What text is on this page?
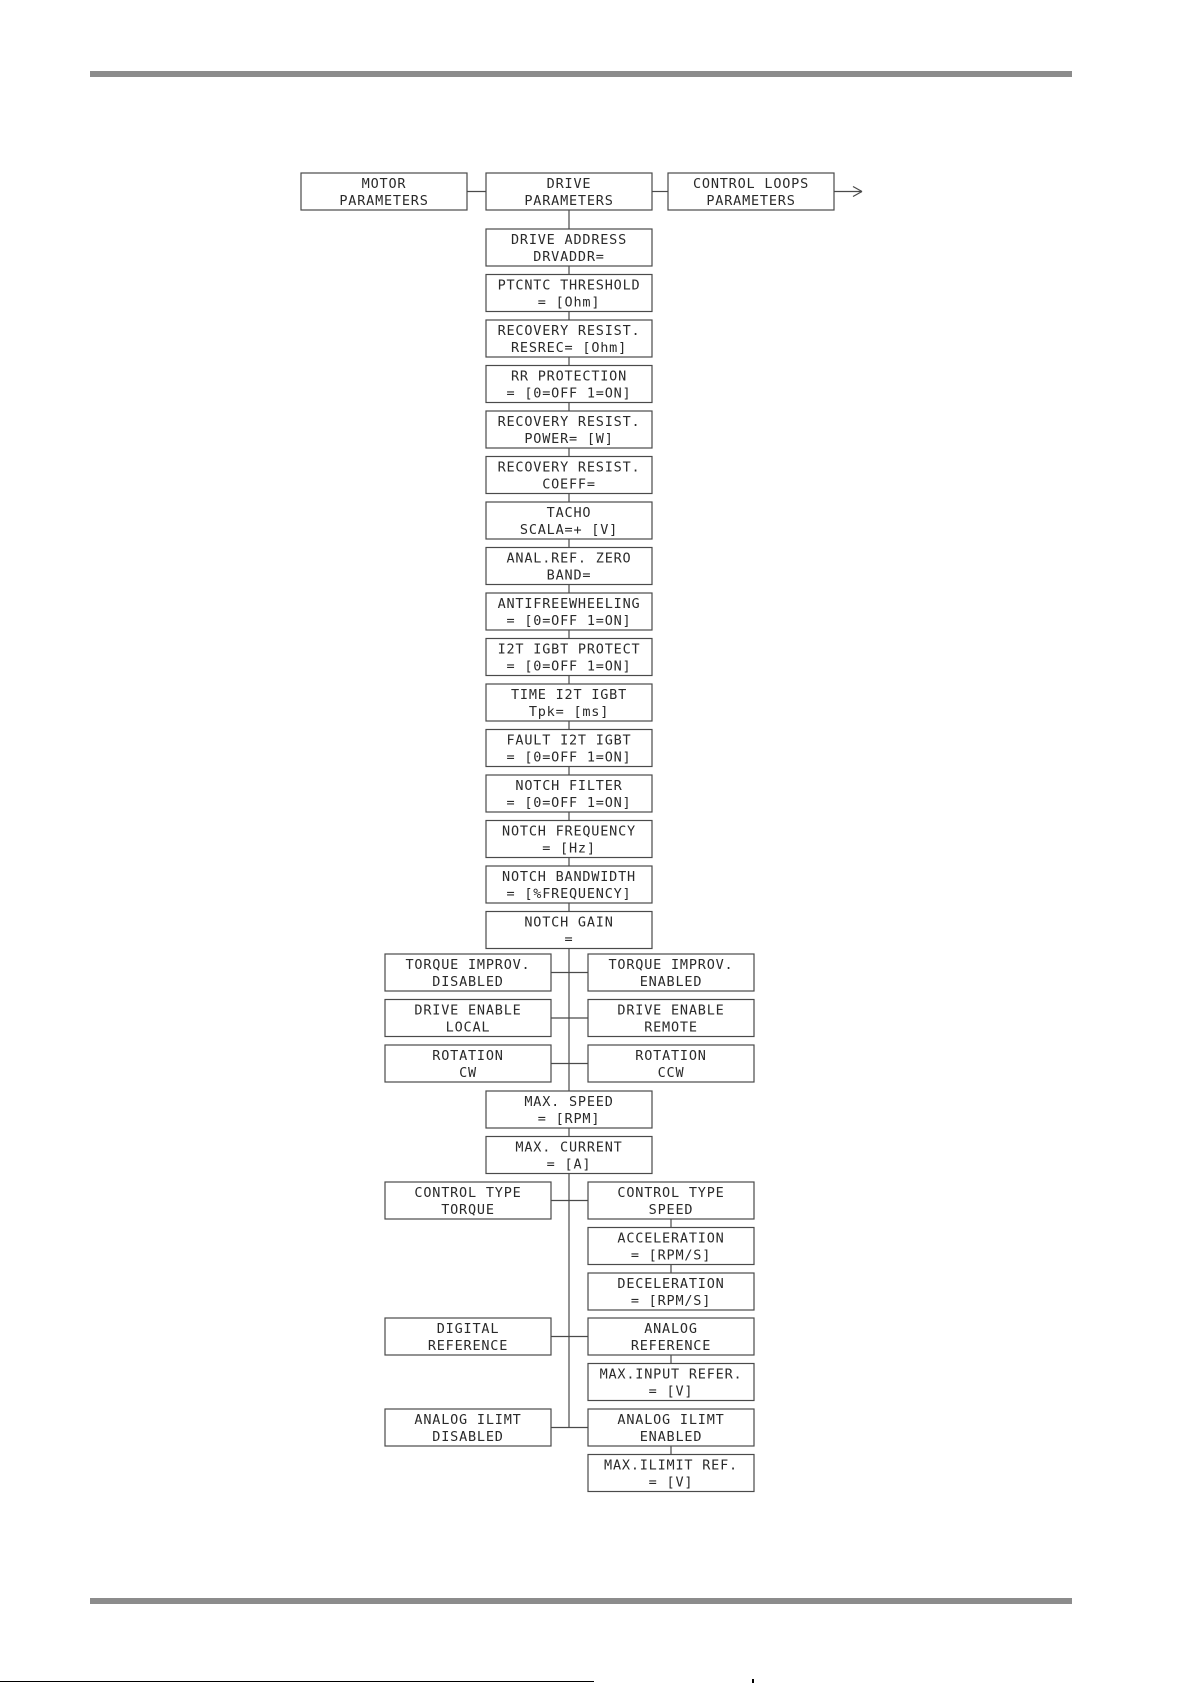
MOTOR
PARAMETERS
DRIVE
PARAMETERS
CONTROL LOOPS
PARAMETERS
DRIVE ADDRESS
DRVADDR=
PTCNTC THRESHOLD
= [Ohm]
RECOVERY RESIST.
RESREC= [Ohm]
RR PROTECTION
= [0=OFF 1=ON]
RECOVERY RESIST.
POWER= [W]
RECOVERY RESIST.
COEFF=
TACHO
SCALA=+ [V]
ANAL.REF. ZERO
BAND=
ANTIFREEWHEELING
= [0=OFF 1=ON]
I2T IGBT PROTECT
= [0=OFF 1=ON]
TIME I2T IGBT
Tpk= [ms]
FAULT I2T IGBT
= [0=OFF 1=ON]
NOTCH FILTER
= [0=OFF 1=ON]
NOTCH FREQUENCY
= [Hz]
NOTCH BANDWIDTH
= [%FREQUENCY]
NOTCH GAIN
=
TORQUE IMPROV.
DISABLED
TORQUE IMPROV.
ENABLED
DRIVE ENABLE
LOCAL
DRIVE ENABLE
REMOTE
ROTATION
CW
ROTATION
CCW
MAX. SPEED
= [RPM]
MAX. CURRENT
= [A]
CONTROL TYPE
TORQUE
CONTROL TYPE
SPEED
ACCELERATION
= [RPM/S]
DECELERATION
= [RPM/S]
DIGITAL
REFERENCE
ANALOG
REFERENCE
MAX.INPUT REFER.
= [V]
ANALOG ILIMT
DISABLED
ANALOG ILIMT
ENABLED
MAX.ILIMIT REF.
= [V]
